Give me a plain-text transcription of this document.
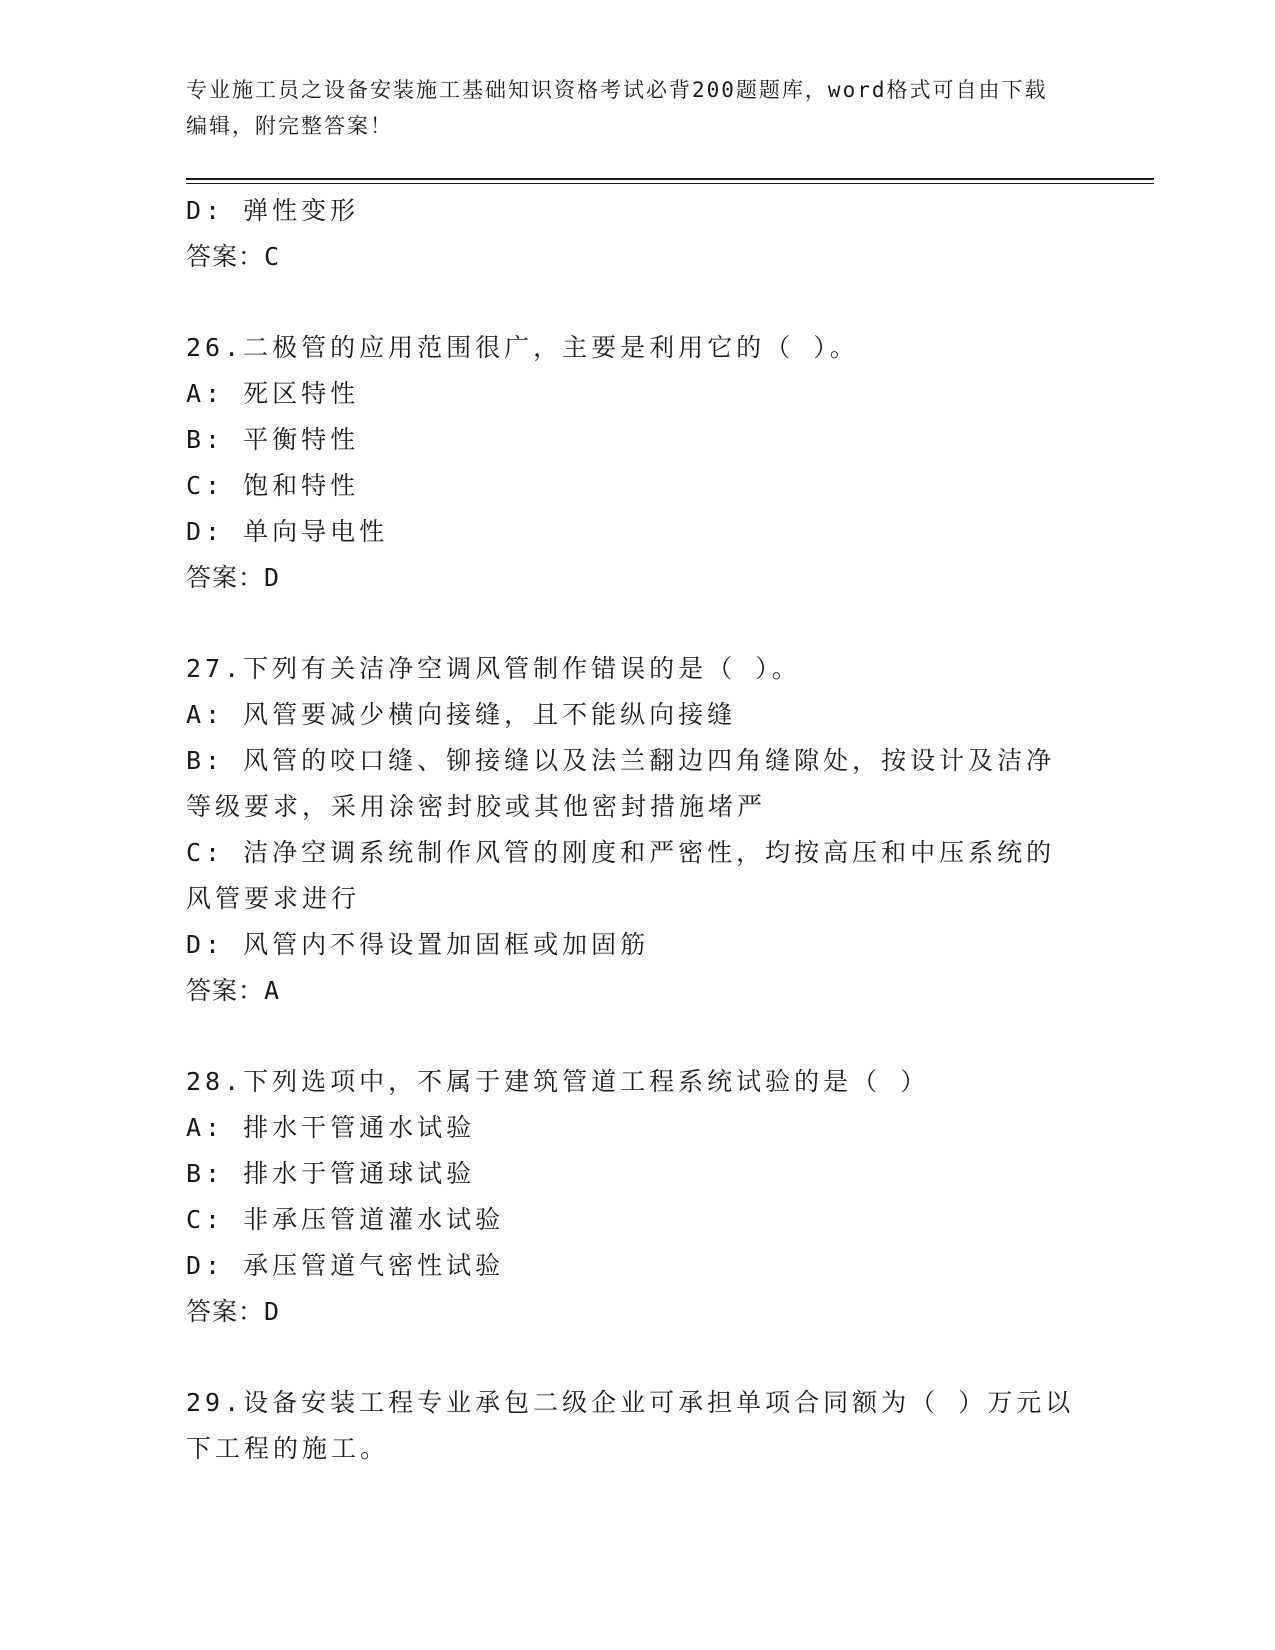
专业施工员之设备安装施工基础知识资格考试必背200题题库，word格式可自由下载编辑，附完整答案！
D: 弹性变形
答案：C
26.二极管的应用范围很广，主要是利用它的（ ）。
A: 死区特性
B: 平衡特性
C: 饱和特性
D: 单向导电性
答案：D
27.下列有关洁净空调风管制作错误的是（ ）。
A: 风管要减少横向接缝，且不能纵向接缝
B: 风管的咬口缝、铆接缝以及法兰翻边四角缝隙处，按设计及洁净等级要求，采用涂密封胶或其他密封措施堵严
C: 洁净空调系统制作风管的刚度和严密性，均按高压和中压系统的风管要求进行
D: 风管内不得设置加固框或加固筋
答案：A
28.下列选项中，不属于建筑管道工程系统试验的是（ ）
A: 排水干管通水试验
B: 排水于管通球试验
C: 非承压管道灌水试验
D: 承压管道气密性试验
答案：D
29.设备安装工程专业承包二级企业可承担单项合同额为（ ）万元以下工程的施工。
